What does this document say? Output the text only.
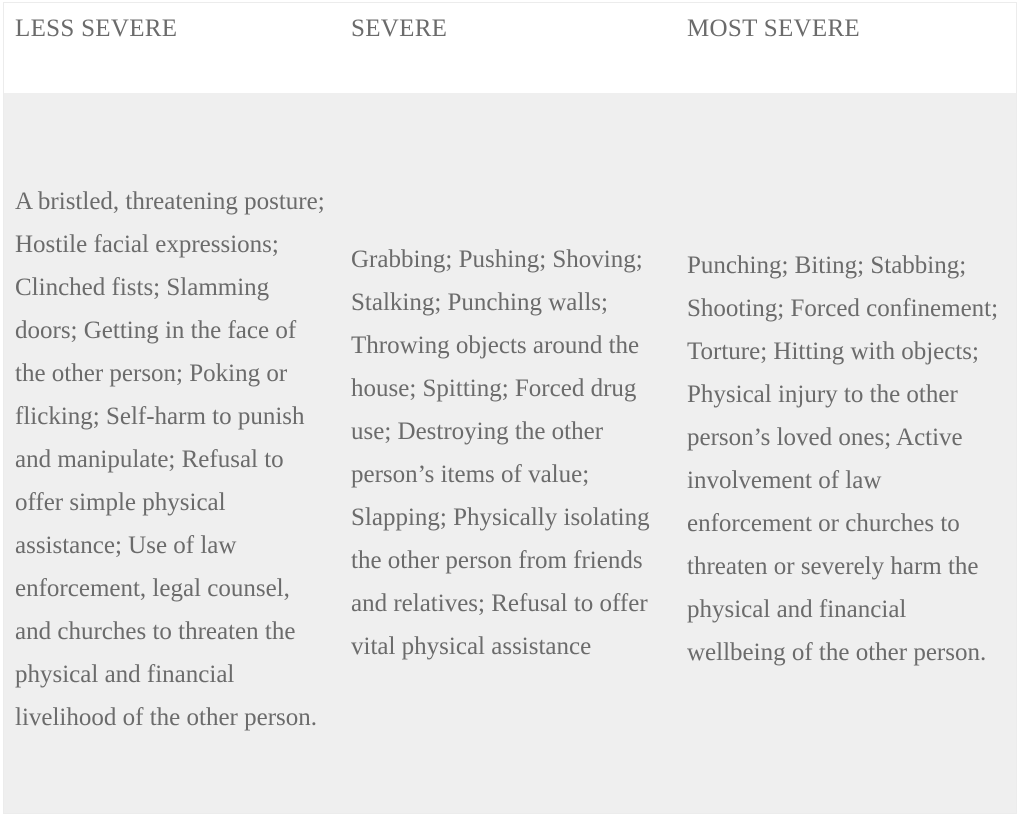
LESS SEVERE	SEVERE	MOST SEVERE

A bristled, threatening posture; Hostile facial expressions; Clinched fists; Slamming doors; Getting in the face of the other person; Poking or flicking; Self-harm to punish and manipulate; Refusal to offer simple physical assistance; Use of law enforcement, legal counsel, and churches to threaten the physical and financial livelihood of the other person.

Grabbing; Pushing; Shoving; Stalking; Punching walls; Throwing objects around the house; Spitting; Forced drug use; Destroying the other person’s items of value; Slapping; Physically isolating the other person from friends and relatives; Refusal to offer vital physical assistance

Punching; Biting; Stabbing; Shooting; Forced confinement; Torture; Hitting with objects; Physical injury to the other person’s loved ones; Active involvement of law enforcement or churches to threaten or severely harm the physical and financial wellbeing of the other person.
